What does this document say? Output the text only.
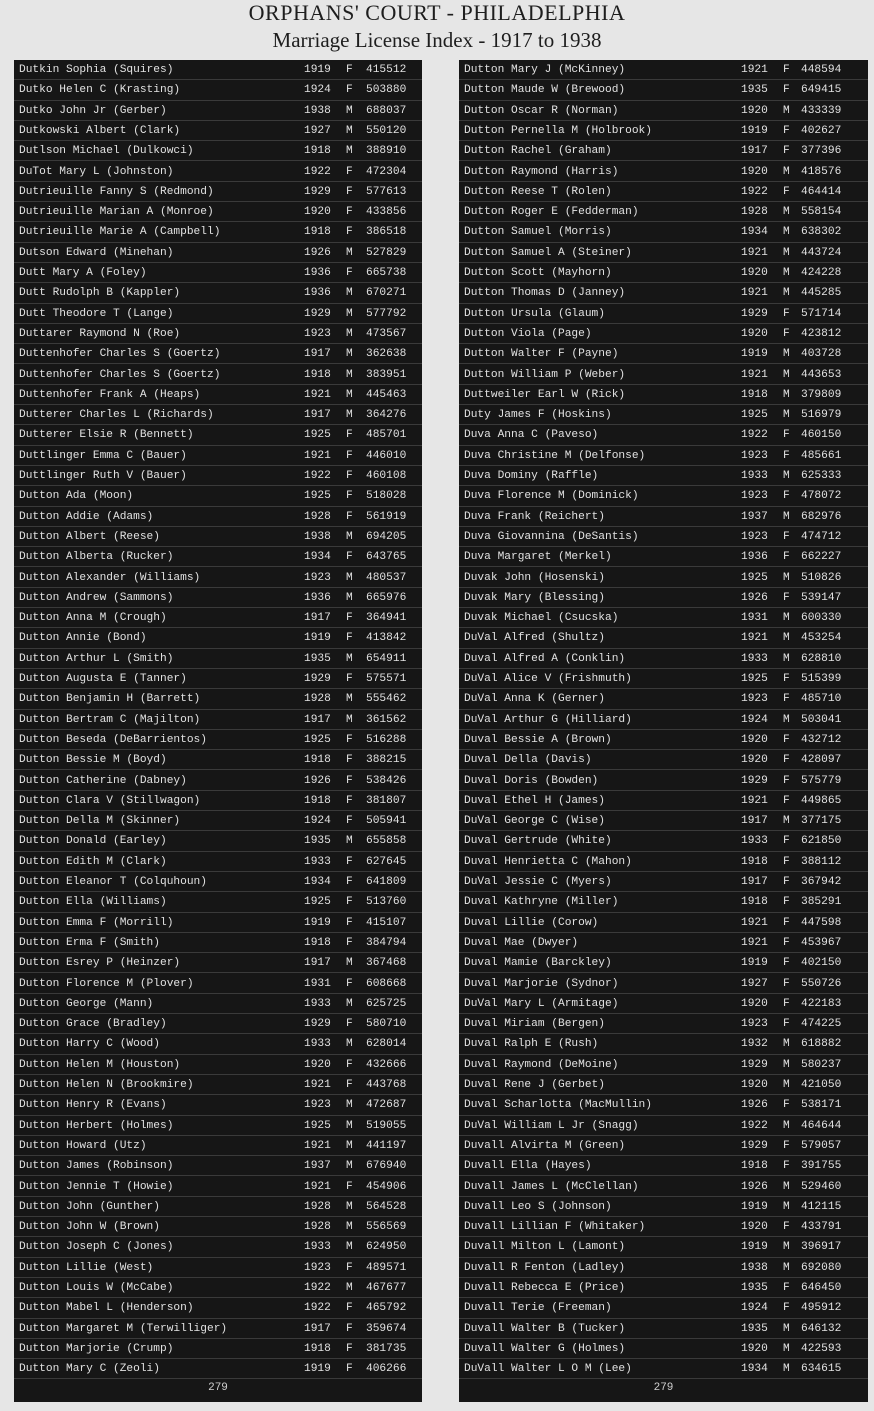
ORPHANS' COURT - PHILADELPHIA
Marriage License Index - 1917 to 1938
279
Dutkin Sophia (Squires)	1919 F 415512
Dutko Helen C (Krasting)	1924 F 503880
Dutko John Jr (Gerber)	1938 M 688037
Dutkowski Albert (Clark)	1927 M 550120
Dutlson Michael (Dulkowci)	1918 M 388910
DuTot Mary L (Johnston)	1922 F 472304
Dutrieuille Fanny S (Redmond)	1929 F 577613
Dutrieuille Marian A (Monroe)	1920 F 433856
Dutrieuille Marie A (Campbell)	1918 F 386518
Dutson Edward (Minehan)	1926 M 527829
Dutt Mary A (Foley)	1936 F 665738
Dutt Rudolph B (Kappler)	1936 M 670271
Dutt Theodore T (Lange)	1929 M 577792
Duttarer Raymond N (Roe)	1923 M 473567
Duttenhofer Charles S (Goertz)	1917 M 362638
Duttenhofer Charles S (Goertz)	1918 M 383951
Duttenhofer Frank A (Heaps)	1921 M 445463
Dutterer Charles L (Richards)	1917 M 364276
Dutterer Elsie R (Bennett)	1925 F 485701
Duttlinger Emma C (Bauer)	1921 F 446010
Duttlinger Ruth V (Bauer)	1922 F 460108
Dutton Ada (Moon)	1925 F 518028
Dutton Addie (Adams)	1928 F 561919
Dutton Albert (Reese)	1938 M 694205
Dutton Alberta (Rucker)	1934 F 643765
Dutton Alexander (Williams)	1923 M 480537
Dutton Andrew (Sammons)	1936 M 665976
Dutton Anna M (Crough)	1917 F 364941
Dutton Annie (Bond)	1919 F 413842
Dutton Arthur L (Smith)	1935 M 654911
Dutton Augusta E (Tanner)	1929 F 575571
Dutton Benjamin H (Barrett)	1928 M 555462
Dutton Bertram C (Majilton)	1917 M 361562
Dutton Beseda (DeBarrientos)	1925 F 516288
Dutton Bessie M (Boyd)	1918 F 388215
Dutton Catherine (Dabney)	1926 F 538426
Dutton Clara V (Stillwagon)	1918 F 381807
Dutton Della M (Skinner)	1924 F 505941
Dutton Donald (Earley)	1935 M 655858
Dutton Edith M (Clark)	1933 F 627645
Dutton Eleanor T (Colquhoun)	1934 F 641809
Dutton Ella (Williams)	1925 F 513760
Dutton Emma F (Morrill)	1919 F 415107
Dutton Erma F (Smith)	1918 F 384794
Dutton Esrey P (Heinzer)	1917 M 367468
Dutton Florence M (Plover)	1931 F 608668
Dutton George (Mann)	1933 M 625725
Dutton Grace (Bradley)	1929 F 580710
Dutton Harry C (Wood)	1933 M 628014
Dutton Helen M (Houston)	1920 F 432666
Dutton Helen N (Brookmire)	1921 F 443768
Dutton Henry R (Evans)	1923 M 472687
Dutton Herbert (Holmes)	1925 M 519055
Dutton Howard (Utz)	1921 M 441197
Dutton James (Robinson)	1937 M 676940
Dutton Jennie T (Howie)	1921 F 454906
Dutton John (Gunther)	1928 M 564528
Dutton John W (Brown)	1928 M 556569
Dutton Joseph C (Jones)	1933 M 624950
Dutton Lillie (West)	1923 F 489571
Dutton Louis W (McCabe)	1922 M 467677
Dutton Mabel L (Henderson)	1922 F 465792
Dutton Margaret M (Terwilliger)	1917 F 359674
Dutton Marjorie (Crump)	1918 F 381735
Dutton Mary C (Zeoli)	1919 F 406266
279
Dutton Mary J (McKinney)	1921 F 448594
Dutton Maude W (Brewood)	1935 F 649415
Dutton Oscar R (Norman)	1920 M 433339
Dutton Pernella M (Holbrook)	1919 F 402627
Dutton Rachel (Graham)	1917 F 377396
Dutton Raymond (Harris)	1920 M 418576
Dutton Reese T (Rolen)	1922 F 464414
Dutton Roger E (Fedderman)	1928 M 558154
Dutton Samuel (Morris)	1934 M 638302
Dutton Samuel A (Steiner)	1921 M 443724
Dutton Scott (Mayhorn)	1920 M 424228
Dutton Thomas D (Janney)	1921 M 445285
Dutton Ursula (Glaum)	1929 F 571714
Dutton Viola (Page)	1920 F 423812
Dutton Walter F (Payne)	1919 M 403728
Dutton William P (Weber)	1921 M 443653
Duttweiler Earl W (Rick)	1918 M 379809
Duty James F (Hoskins)	1925 M 516979
Duva Anna C (Paveso)	1922 F 460150
Duva Christine M (Delfonse)	1923 F 485661
Duva Dominy (Raffle)	1933 M 625333
Duva Florence M (Dominick)	1923 F 478072
Duva Frank (Reichert)	1937 M 682976
Duva Giovannina (DeSantis)	1923 F 474712
Duva Margaret (Merkel)	1936 F 662227
Duvak John (Hosenski)	1925 M 510826
Duvak Mary (Blessing)	1926 F 539147
Duvak Michael (Csucska)	1931 M 600330
DuVal Alfred (Shultz)	1921 M 453254
Duval Alfred A (Conklin)	1933 M 628810
DuVal Alice V (Frishmuth)	1925 F 515399
DuVal Anna K (Gerner)	1923 F 485710
DuVal Arthur G (Hilliard)	1924 M 503041
Duval Bessie A (Brown)	1920 F 432712
Duval Della (Davis)	1920 F 428097
Duval Doris (Bowden)	1929 F 575779
Duval Ethel H (James)	1921 F 449865
DuVal George C (Wise)	1917 M 377175
Duval Gertrude (White)	1933 F 621850
Duval Henrietta C (Mahon)	1918 F 388112
DuVal Jessie C (Myers)	1917 F 367942
Duval Kathryne (Miller)	1918 F 385291
Duval Lillie (Corow)	1921 F 447598
Duval Mae (Dwyer)	1921 F 453967
Duval Mamie (Barckley)	1919 F 402150
Duval Marjorie (Sydnor)	1927 F 550726
DuVal Mary L (Armitage)	1920 F 422183
Duval Miriam (Bergen)	1923 F 474225
Duval Ralph E (Rush)	1932 M 618882
Duval Raymond (DeMoine)	1929 M 580237
Duval Rene J (Gerbet)	1920 M 421050
Duval Scharlotta (MacMullin)	1926 F 538171
DuVal William L Jr (Snagg)	1922 M 464644
Duvall Alvirta M (Green)	1929 F 579057
Duvall Ella (Hayes)	1918 F 391755
Duvall James L (McClellan)	1926 M 529460
Duvall Leo S (Johnson)	1919 M 412115
Duvall Lillian F (Whitaker)	1920 F 433791
Duvall Milton L (Lamont)	1919 M 396917
Duvall R Fenton (Ladley)	1938 M 692080
Duvall Rebecca E (Price)	1935 F 646450
Duvall Terie (Freeman)	1924 F 495912
Duvall Walter B (Tucker)	1935 M 646132
Duvall Walter G (Holmes)	1920 M 422593
DuVall Walter L O M (Lee)	1934 M 634615
